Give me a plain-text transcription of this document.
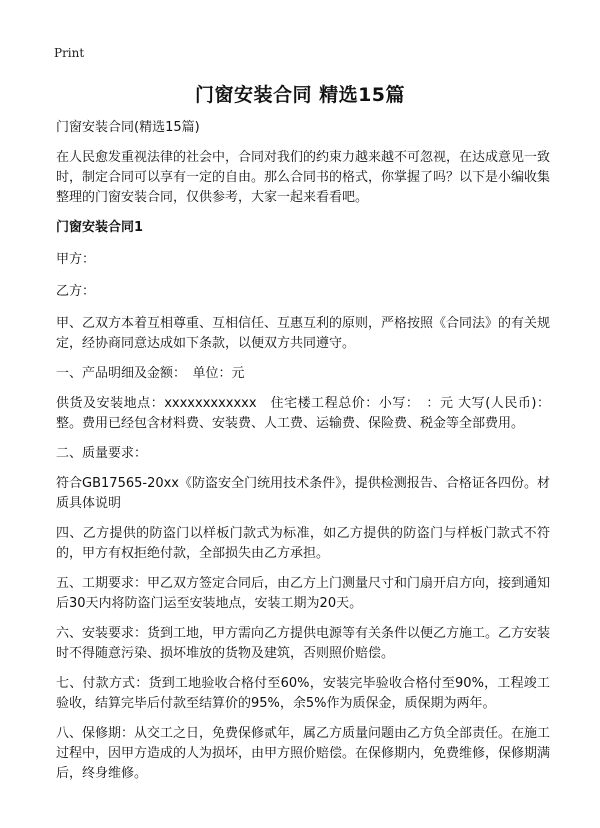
Print
门窗安装合同 精选15篇

门窗安装合同(精选15篇)

在人民愈发重视法律的社会中，合同对我们的约束力越来越不可忽视，在达成意见一致时，制定合同可以享有一定的自由。那么合同书的格式，你掌握了吗？以下是小编收集整理的门窗安装合同，仅供参考，大家一起来看看吧。

门窗安装合同1

甲方：

乙方：

甲、乙双方本着互相尊重、互相信任、互惠互利的原则，严格按照《合同法》的有关规定，经协商同意达成如下条款，以便双方共同遵守。

一、产品明细及金额：　单位：元

供货及安装地点：xxxxxxxxxxxx　住宅楼工程总价：小写：　：元 大写(人民币)：整。费用已经包含材料费、安装费、人工费、运输费、保险费、税金等全部费用。

二、质量要求：

符合GB17565-20xx《防盗安全门统用技术条件》，提供检测报告、合格证各四份。材质具体说明

四、乙方提供的防盗门以样板门款式为标准，如乙方提供的防盗门与样板门款式不符的，甲方有权拒绝付款，全部损失由乙方承担。

五、工期要求：甲乙双方签定合同后，由乙方上门测量尺寸和门扇开启方向，接到通知后30天内将防盗门运至安装地点，安装工期为20天。

六、安装要求：货到工地，甲方需向乙方提供电源等有关条件以便乙方施工。乙方安装时不得随意污染、损坏堆放的货物及建筑，否则照价赔偿。

七、付款方式：货到工地验收合格付至60%，安装完毕验收合格付至90%，工程竣工验收，结算完毕后付款至结算价的95%，余5%作为质保金，质保期为两年。

八、保修期：从交工之日，免费保修贰年，属乙方质量问题由乙方负全部责任。在施工过程中，因甲方造成的人为损坏，由甲方照价赔偿。在保修期内，免费维修，保修期满后，终身维修。
